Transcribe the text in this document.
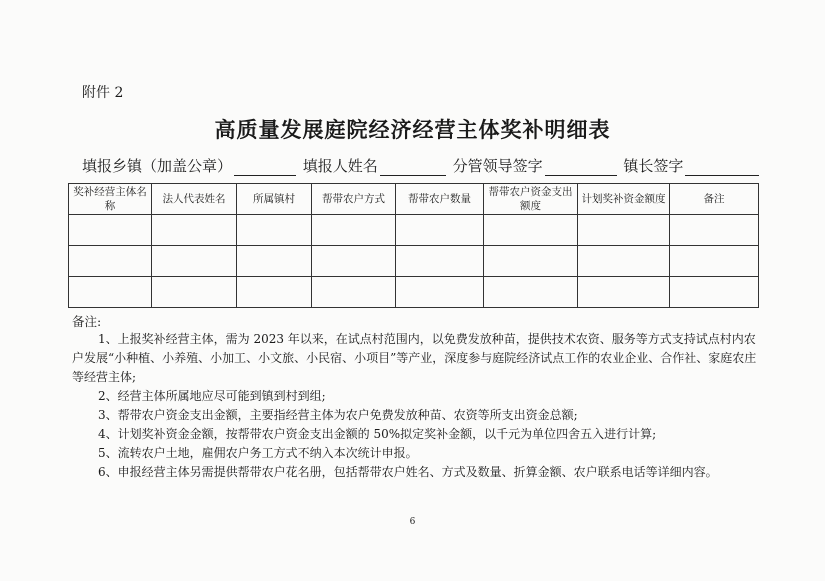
附件 2
高质量发展庭院经济经营主体奖补明细表
填报乡镇（加盖公章）	填报人姓名	分管领导签字	镇长签字
奖补经营主体名称	法人代表姓名	所属镇村	帮带农户方式	帮带农户数量	帮带农户资金支出额度	计划奖补资金额度	备注

备注:

1、上报奖补经营主体，需为 2023 年以来，在试点村范围内，以免费发放种苗，提供技术农资、服务等方式支持试点村内农户发展“小种植、小养殖、小加工、小文旅、小民宿、小项目”等产业，深度参与庭院经济试点工作的农业企业、合作社、家庭农庄等经营主体;

2、经营主体所属地应尽可能到镇到村到组;

3、帮带农户资金支出金额，主要指经营主体为农户免费发放种苗、农资等所支出资金总额;

4、计划奖补资金金额，按帮带农户资金支出金额的 50%拟定奖补金额，以千元为单位四舍五入进行计算;

5、流转农户土地，雇佣农户务工方式不纳入本次统计申报。

6、申报经营主体另需提供帮带农户花名册，包括帮带农户姓名、方式及数量、折算金额、农户联系电话等详细内容。

6
